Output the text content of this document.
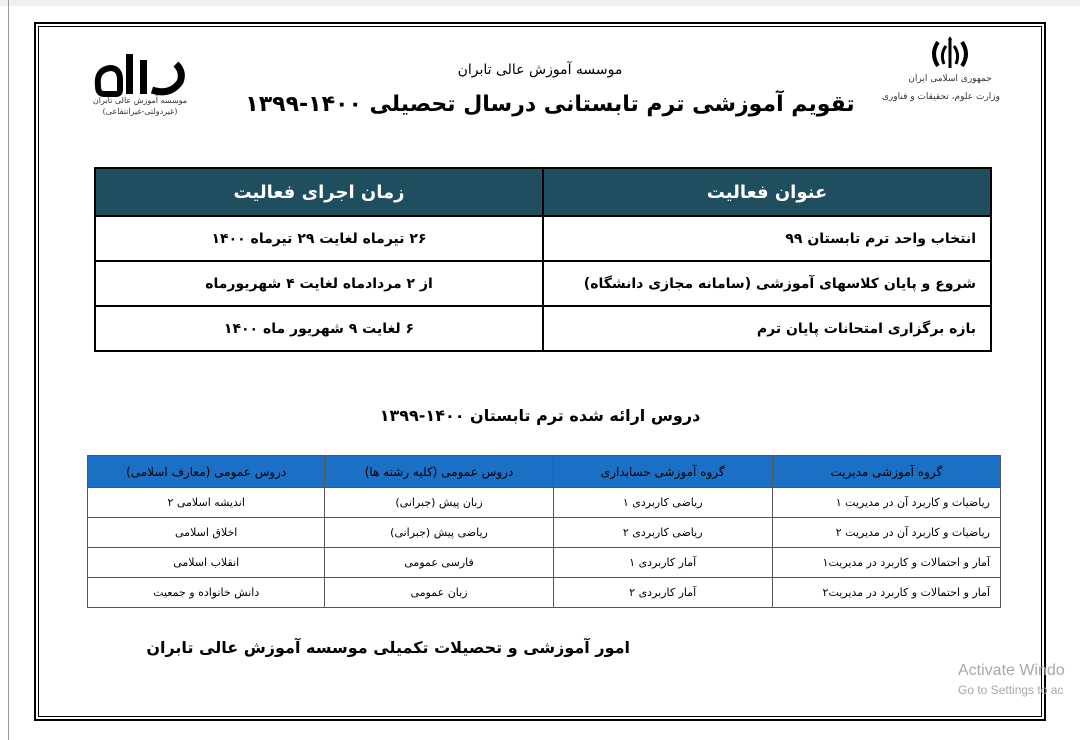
موسسه آموزش عالی تابران
(غیردولتی-غیرانتفاعی)
جمهوری اسلامی ایران
وزارت علوم، تحقیقات و فناوری
موسسه آموزش عالی تابران
تقویم آموزشی ترم تابستانی درسال تحصیلی ۱۴۰۰-۱۳۹۹
عنوان فعالیت	زمان اجرای فعالیت
انتخاب واحد ترم تابستان ۹۹	۲۶ تیرماه لغایت ۲۹ تیرماه ۱۴۰۰
شروع و پایان کلاسهای آموزشی (سامانه مجازی دانشگاه)	از ۲ مردادماه لغایت ۴ شهریورماه
بازه برگزاری امتحانات پایان ترم	۶ لغایت ۹ شهریور ماه ۱۴۰۰
دروس ارائه شده ترم تابستان ۱۴۰۰-۱۳۹۹
گروه آموزشی مدیریت	گروه آموزشی حسابداری	دروس عمومی (کلیه رشته ها)	دروس عمومی (معارف اسلامی)
ریاضیات و کاربرد آن در مدیریت ۱	ریاضی کاربردی ۱	زبان پیش (جبرانی)	اندیشه اسلامی ۲
ریاضیات و کاربرد آن در مدیریت ۲	ریاضی کاربردی ۲	ریاضی پیش (جبرانی)	اخلاق اسلامی
آمار و احتمالات و کاربرد در مدیریت۱	آمار کاربردی ۱	فارسی عمومی	انقلاب اسلامی
آمار و احتمالات و کاربرد در مدیریت۲	آمار کاربردی ۲	زبان عمومی	دانش خانواده و جمعیت
امور آموزشی و تحصیلات تکمیلی موسسه آموزش عالی تابران
Activate Windo
Go to Settings to ac
